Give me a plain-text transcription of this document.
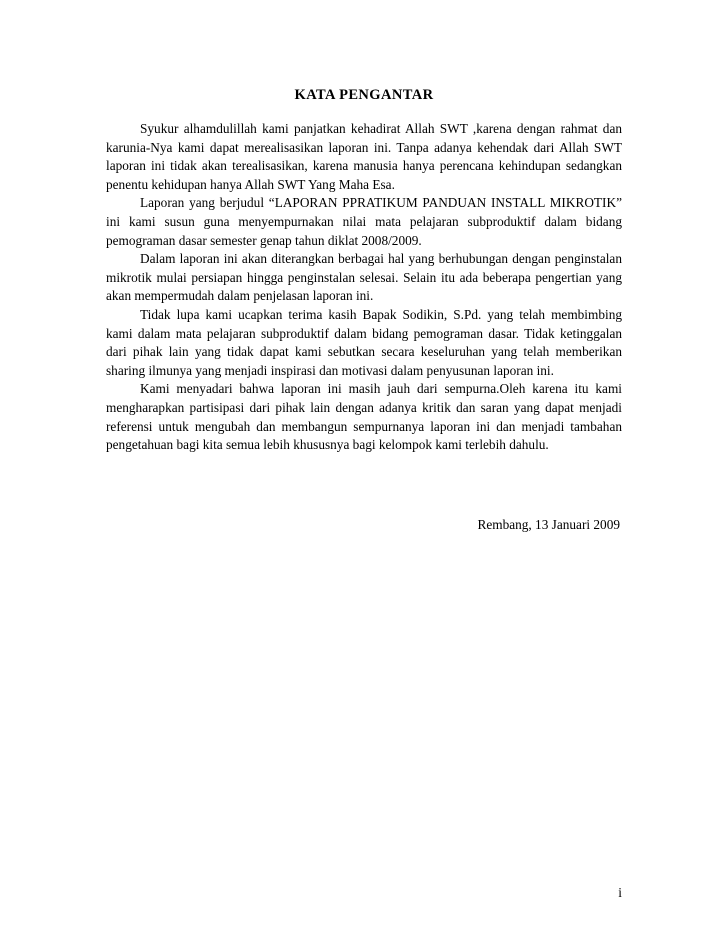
KATA PENGANTAR

Syukur alhamdulillah kami panjatkan kehadirat Allah SWT ,karena dengan rahmat dan karunia-Nya kami dapat merealisasikan laporan ini. Tanpa adanya kehendak dari Allah SWT laporan ini tidak akan terealisasikan, karena manusia hanya perencana kehindupan sedangkan penentu kehidupan hanya Allah SWT Yang Maha Esa.

Laporan yang berjudul “LAPORAN PPRATIKUM PANDUAN INSTALL MIKROTIK” ini kami susun guna menyempurnakan nilai mata pelajaran subproduktif dalam bidang pemograman dasar semester genap tahun diklat 2008/2009.

Dalam laporan ini akan diterangkan berbagai hal yang berhubungan dengan penginstalan mikrotik mulai persiapan hingga penginstalan selesai. Selain itu ada beberapa pengertian yang akan mempermudah dalam penjelasan laporan ini.

Tidak lupa kami ucapkan terima kasih Bapak Sodikin, S.Pd. yang telah membimbing kami dalam mata pelajaran subproduktif dalam bidang pemograman dasar. Tidak ketinggalan dari pihak lain yang tidak dapat kami sebutkan secara keseluruhan yang telah memberikan sharing ilmunya yang menjadi inspirasi dan motivasi dalam penyusunan laporan ini.

Kami menyadari bahwa laporan ini masih jauh dari sempurna.Oleh karena itu kami mengharapkan partisipasi dari pihak lain dengan adanya kritik dan saran yang dapat menjadi referensi untuk mengubah dan membangun sempurnanya laporan ini dan menjadi tambahan pengetahuan bagi kita semua lebih khususnya bagi kelompok kami terlebih dahulu.

Rembang, 13 Januari 2009
i
